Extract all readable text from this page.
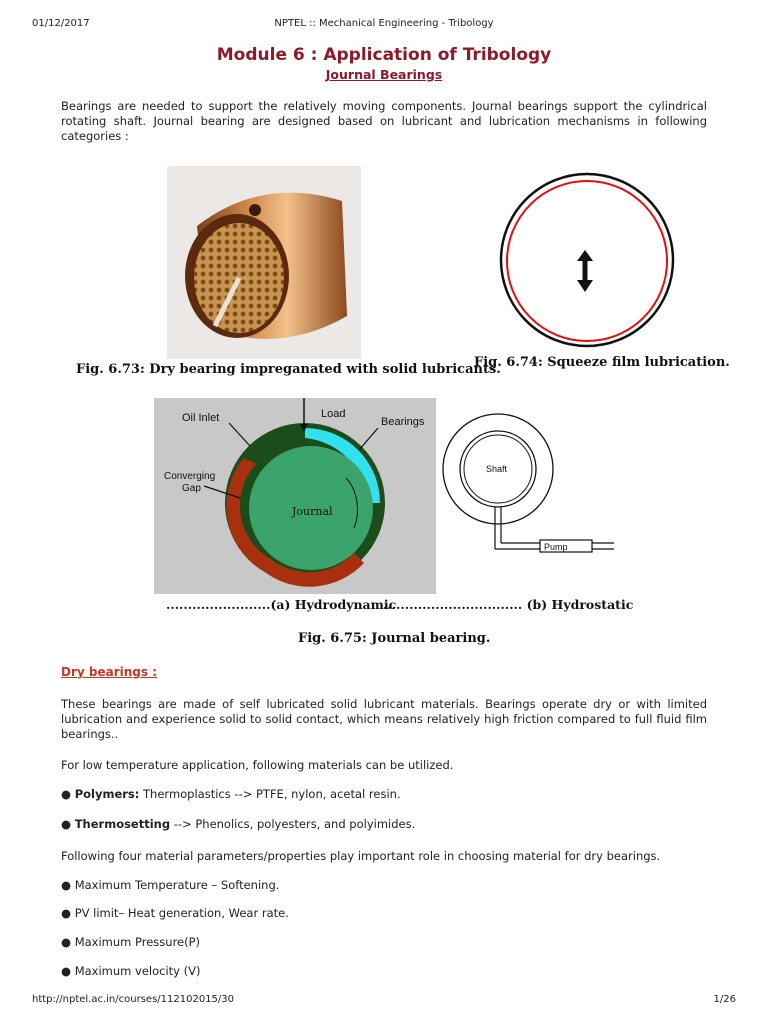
01/12/2017	NPTEL :: Mechanical Engineering - Tribology
Module 6 : Application of Tribology
Journal Bearings
Bearings are needed to support the relatively moving components. Journal bearings support the cylindrical rotating shaft. Journal bearing are designed based on lubricant and lubrication mechanisms in following categories :
Fig. 6.73: Dry bearing impreganated with solid lubricants.
Fig. 6.74: Squeeze film lubrication.
Oil Inlet	Load
Bearings
Converging
Gap
Journal
Shaft
Pump
........................(a) Hydrodynamic
................................ (b) Hydrostatic
Fig. 6.75: Journal bearing.
Dry bearings :
These bearings are made of self lubricated solid lubricant materials. Bearings operate dry or with limited lubrication and experience solid to solid contact, which means relatively high friction compared to full fluid film bearings..
For low temperature application, following materials can be utilized.
● Polymers: Thermoplastics --> PTFE, nylon, acetal resin.
● Thermosetting --> Phenolics, polyesters, and polyimides.
Following four material parameters/properties play important role in choosing material for dry bearings.
● Maximum Temperature – Softening.
● PV limit– Heat generation, Wear rate.
● Maximum Pressure(P)
● Maximum velocity (V)
http://nptel.ac.in/courses/112102015/30	1/26
